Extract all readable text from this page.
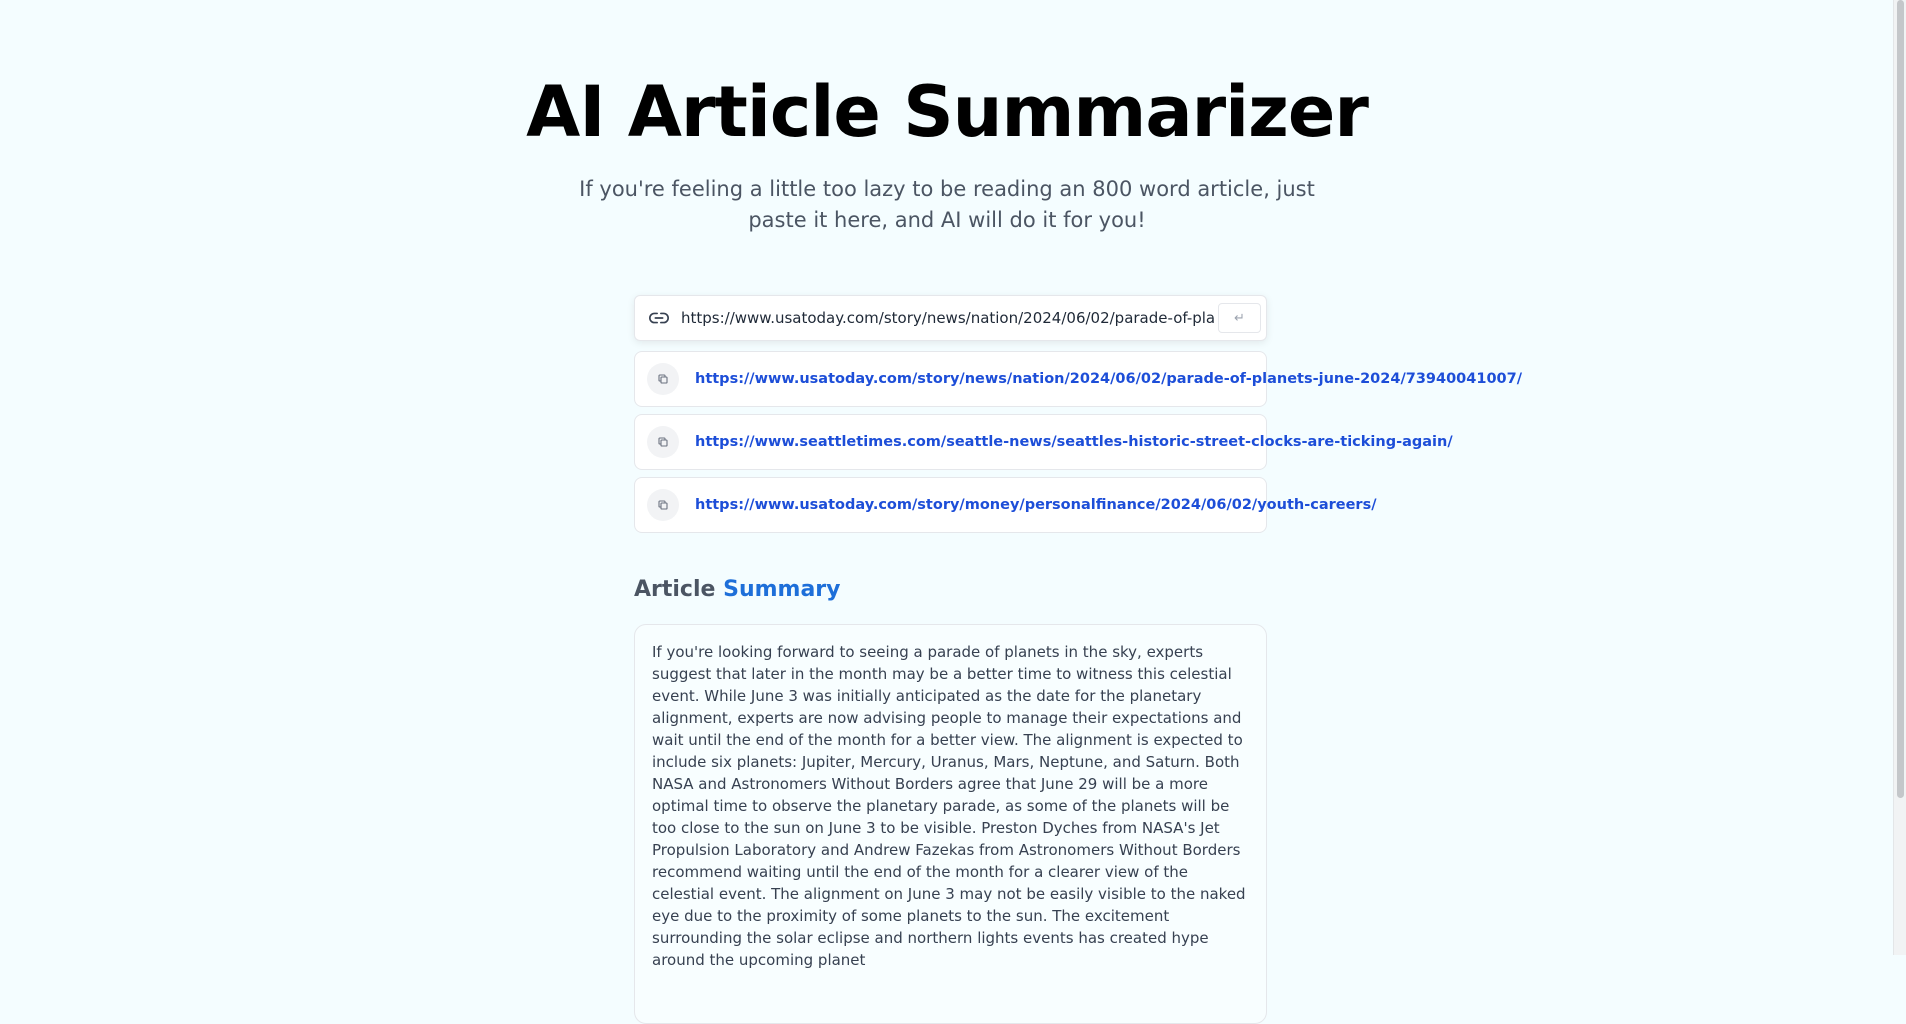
AI Article Summarizer
If you're feeling a little too lazy to be reading an 800 word article, just paste it here, and AI will do it for you!
https://www.usatoday.com/story/news/nation/2024/06/02/parade-of-planets
↵
https://www.usatoday.com/story/news/nation/2024/06/02/parade-of-planets-june-2024/73940041007/
https://www.seattletimes.com/seattle-news/seattles-historic-street-clocks-are-ticking-again/
https://www.usatoday.com/story/money/personalfinance/2024/06/02/youth-careers/
Article Summary

If you're looking forward to seeing a parade of planets in the sky, experts suggest that later in the month may be a better time to witness this celestial event. While June 3 was initially anticipated as the date for the planetary alignment, experts are now advising people to manage their expectations and wait until the end of the month for a better view. The alignment is expected to include six planets: Jupiter, Mercury, Uranus, Mars, Neptune, and Saturn. Both NASA and Astronomers Without Borders agree that June 29 will be a more optimal time to observe the planetary parade, as some of the planets will be too close to the sun on June 3 to be visible. Preston Dyches from NASA's Jet Propulsion Laboratory and Andrew Fazekas from Astronomers Without Borders recommend waiting until the end of the month for a clearer view of the celestial event. The alignment on June 3 may not be easily visible to the naked eye due to the proximity of some planets to the sun. The excitement surrounding the solar eclipse and northern lights events has created hype around the upcoming planet
